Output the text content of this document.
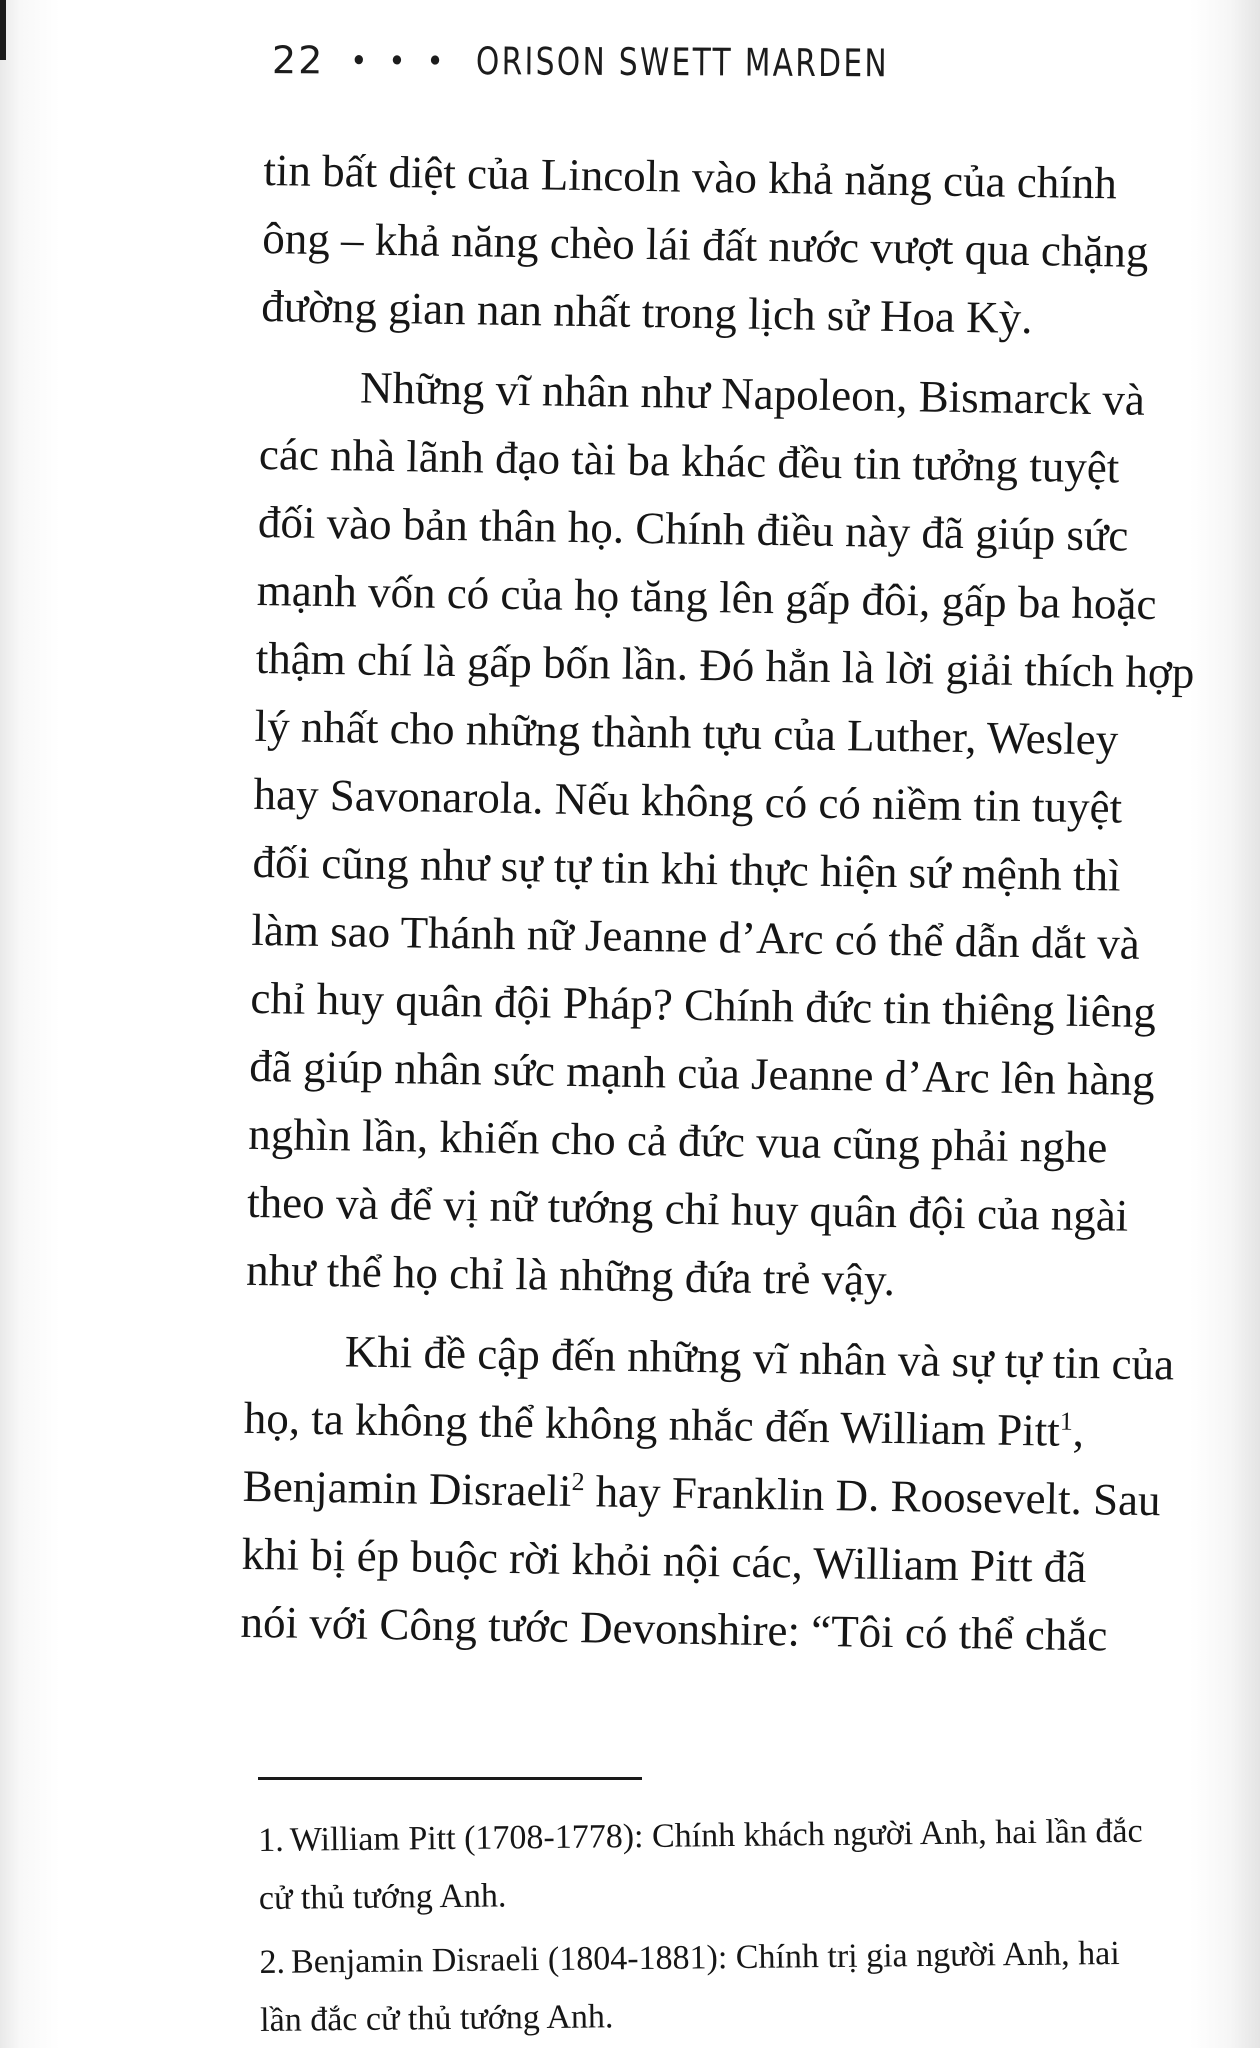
22 • • • ORISON SWETT MARDEN
tin bất diệt của Lincoln vào khả năng của chính
ông – khả năng chèo lái đất nước vượt qua chặng
đường gian nan nhất trong lịch sử Hoa Kỳ.
Những vĩ nhân như Napoleon, Bismarck và
các nhà lãnh đạo tài ba khác đều tin tưởng tuyệt
đối vào bản thân họ. Chính điều này đã giúp sức
mạnh vốn có của họ tăng lên gấp đôi, gấp ba hoặc
thậm chí là gấp bốn lần. Đó hẳn là lời giải thích hợp
lý nhất cho những thành tựu của Luther, Wesley
hay Savonarola. Nếu không có có niềm tin tuyệt
đối cũng như sự tự tin khi thực hiện sứ mệnh thì
làm sao Thánh nữ Jeanne d’Arc có thể dẫn dắt và
chỉ huy quân đội Pháp? Chính đức tin thiêng liêng
đã giúp nhân sức mạnh của Jeanne d’Arc lên hàng
nghìn lần, khiến cho cả đức vua cũng phải nghe
theo và để vị nữ tướng chỉ huy quân đội của ngài
như thể họ chỉ là những đứa trẻ vậy.
Khi đề cập đến những vĩ nhân và sự tự tin của
họ, ta không thể không nhắc đến William Pitt$^1$,
Benjamin Disraeli$^2$ hay Franklin D. Roosevelt. Sau
khi bị ép buộc rời khỏi nội các, William Pitt đã
nói với Công tước Devonshire: “Tôi có thể chắc
1. William Pitt (1708-1778): Chính khách người Anh, hai lần đắc
cử thủ tướng Anh.
2. Benjamin Disraeli (1804-1881): Chính trị gia người Anh, hai
lần đắc cử thủ tướng Anh.
